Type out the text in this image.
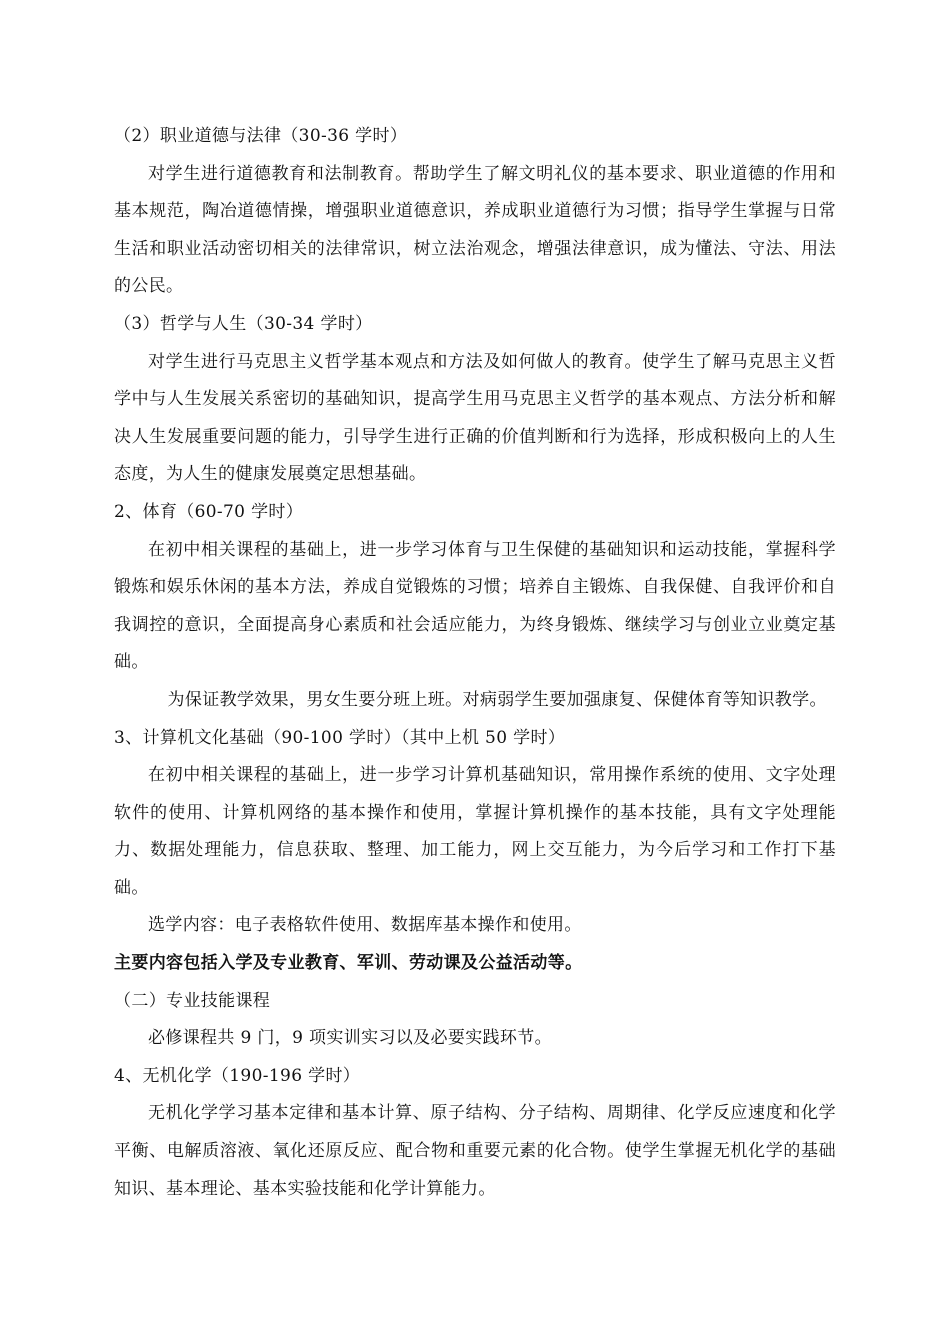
（2）职业道德与法律（30-36 学时）

对学生进行道德教育和法制教育。帮助学生了解文明礼仪的基本要求、职业道德的作用和基本规范，陶冶道德情操，增强职业道德意识，养成职业道德行为习惯；指导学生掌握与日常生活和职业活动密切相关的法律常识，树立法治观念，增强法律意识，成为懂法、守法、用法的公民。

（3）哲学与人生（30-34 学时）

对学生进行马克思主义哲学基本观点和方法及如何做人的教育。使学生了解马克思主义哲学中与人生发展关系密切的基础知识，提高学生用马克思主义哲学的基本观点、方法分析和解决人生发展重要问题的能力，引导学生进行正确的价值判断和行为选择，形成积极向上的人生态度，为人生的健康发展奠定思想基础。

2、体育（60-70 学时）

在初中相关课程的基础上，进一步学习体育与卫生保健的基础知识和运动技能，掌握科学锻炼和娱乐休闲的基本方法，养成自觉锻炼的习惯；培养自主锻炼、自我保健、自我评价和自我调控的意识，全面提高身心素质和社会适应能力，为终身锻炼、继续学习与创业立业奠定基础。

为保证教学效果，男女生要分班上班。对病弱学生要加强康复、保健体育等知识教学。

3、计算机文化基础（90-100 学时）（其中上机 50 学时）

在初中相关课程的基础上，进一步学习计算机基础知识，常用操作系统的使用、文字处理软件的使用、计算机网络的基本操作和使用，掌握计算机操作的基本技能，具有文字处理能力、数据处理能力，信息获取、整理、加工能力，网上交互能力，为今后学习和工作打下基础。

选学内容：电子表格软件使用、数据库基本操作和使用。

主要内容包括入学及专业教育、军训、劳动课及公益活动等。

（二）专业技能课程

必修课程共 9 门，9 项实训实习以及必要实践环节。

4、无机化学（190-196 学时）

无机化学学习基本定律和基本计算、原子结构、分子结构、周期律、化学反应速度和化学平衡、电解质溶液、氧化还原反应、配合物和重要元素的化合物。使学生掌握无机化学的基础知识、基本理论、基本实验技能和化学计算能力。
